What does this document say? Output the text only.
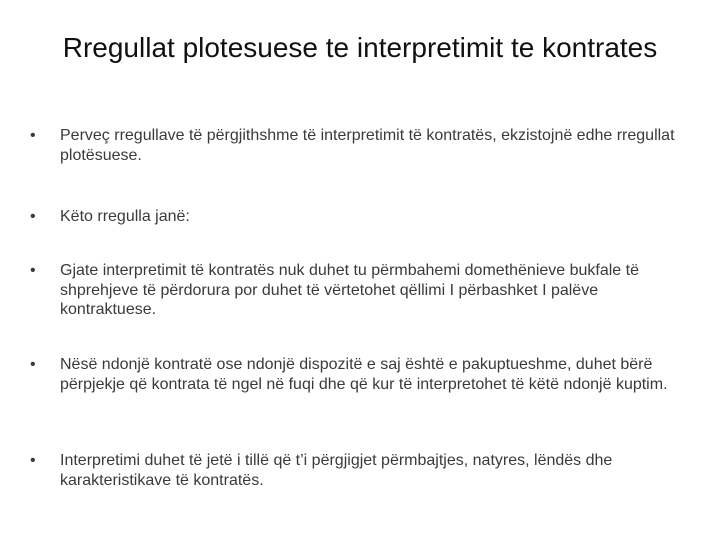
Rregullat plotesuese te interpretimit te kontrates
•	Perveç rregullave të përgjithshme të interpretimit të kontratës, ekzistojnë edhe rregullat plotësuese.
•	Këto rregulla janë:
•	Gjate interpretimit të kontratës nuk duhet tu përmbahemi domethënieve bukfale të shprehjeve të përdorura por duhet të vërtetohet qëllimi I përbashket I palëve kontraktuese.
•	Nësë ndonjë kontratë ose ndonjë dispozitë e saj është e pakuptueshme, duhet bërë përpjekje që kontrata të ngel në fuqi dhe që kur të interpretohet të këtë ndonjë kuptim.
•	Interpretimi duhet të jetë i tillë që t’i përgjigjet përmbajtjes, natyres, lëndës dhe karakteristikave të kontratës.
